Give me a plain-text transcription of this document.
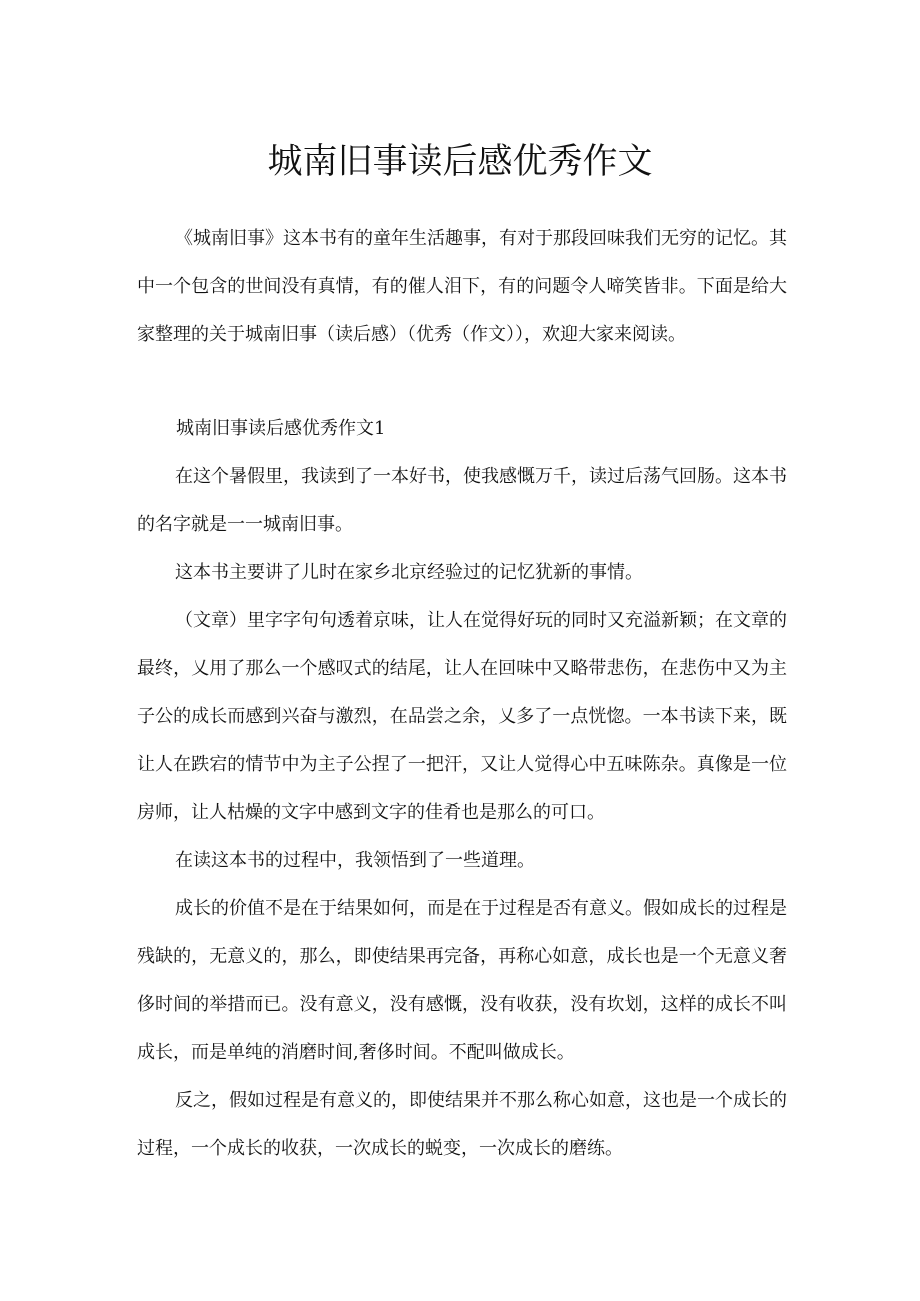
城南旧事读后感优秀作文

《城南旧事》这本书有的童年生活趣事，有对于那段回味我们无穷的记忆。其中一个包含的世间没有真情，有的催人泪下，有的问题令人啼笑皆非。下面是给大家整理的关于城南旧事（读后感）（优秀（作文）），欢迎大家来阅读。

城南旧事读后感优秀作文1

在这个暑假里，我读到了一本好书，使我感慨万千，读过后荡气回肠。这本书的名字就是一一城南旧事。

这本书主要讲了儿时在家乡北京经验过的记忆犹新的事情。

（文章）里字字句句透着京味，让人在觉得好玩的同时又充溢新颖；在文章的最终，乂用了那么一个感叹式的结尾，让人在回味中又略带悲伤，在悲伤中又为主子公的成长而感到兴奋与激烈，在品尝之余，乂多了一点恍惚。一本书读下来，既让人在跌宕的情节中为主子公捏了一把汗，又让人觉得心中五味陈杂。真像是一位房师，让人枯燥的文字中感到文字的佳肴也是那么的可口。

在读这本书的过程中，我领悟到了一些道理。

成长的价值不是在于结果如何，而是在于过程是否有意义。假如成长的过程是残缺的，无意义的，那么，即使结果再完备，再称心如意，成长也是一个无意义奢侈时间的举措而已。没有意义，没有感慨，没有收获，没有坎划，这样的成长不叫成长，而是单纯的消磨时间,奢侈时间。不配叫做成长。

反之，假如过程是有意义的，即使结果并不那么称心如意，这也是一个成长的过程，一个成长的收获，一次成长的蜕变，一次成长的磨练。
